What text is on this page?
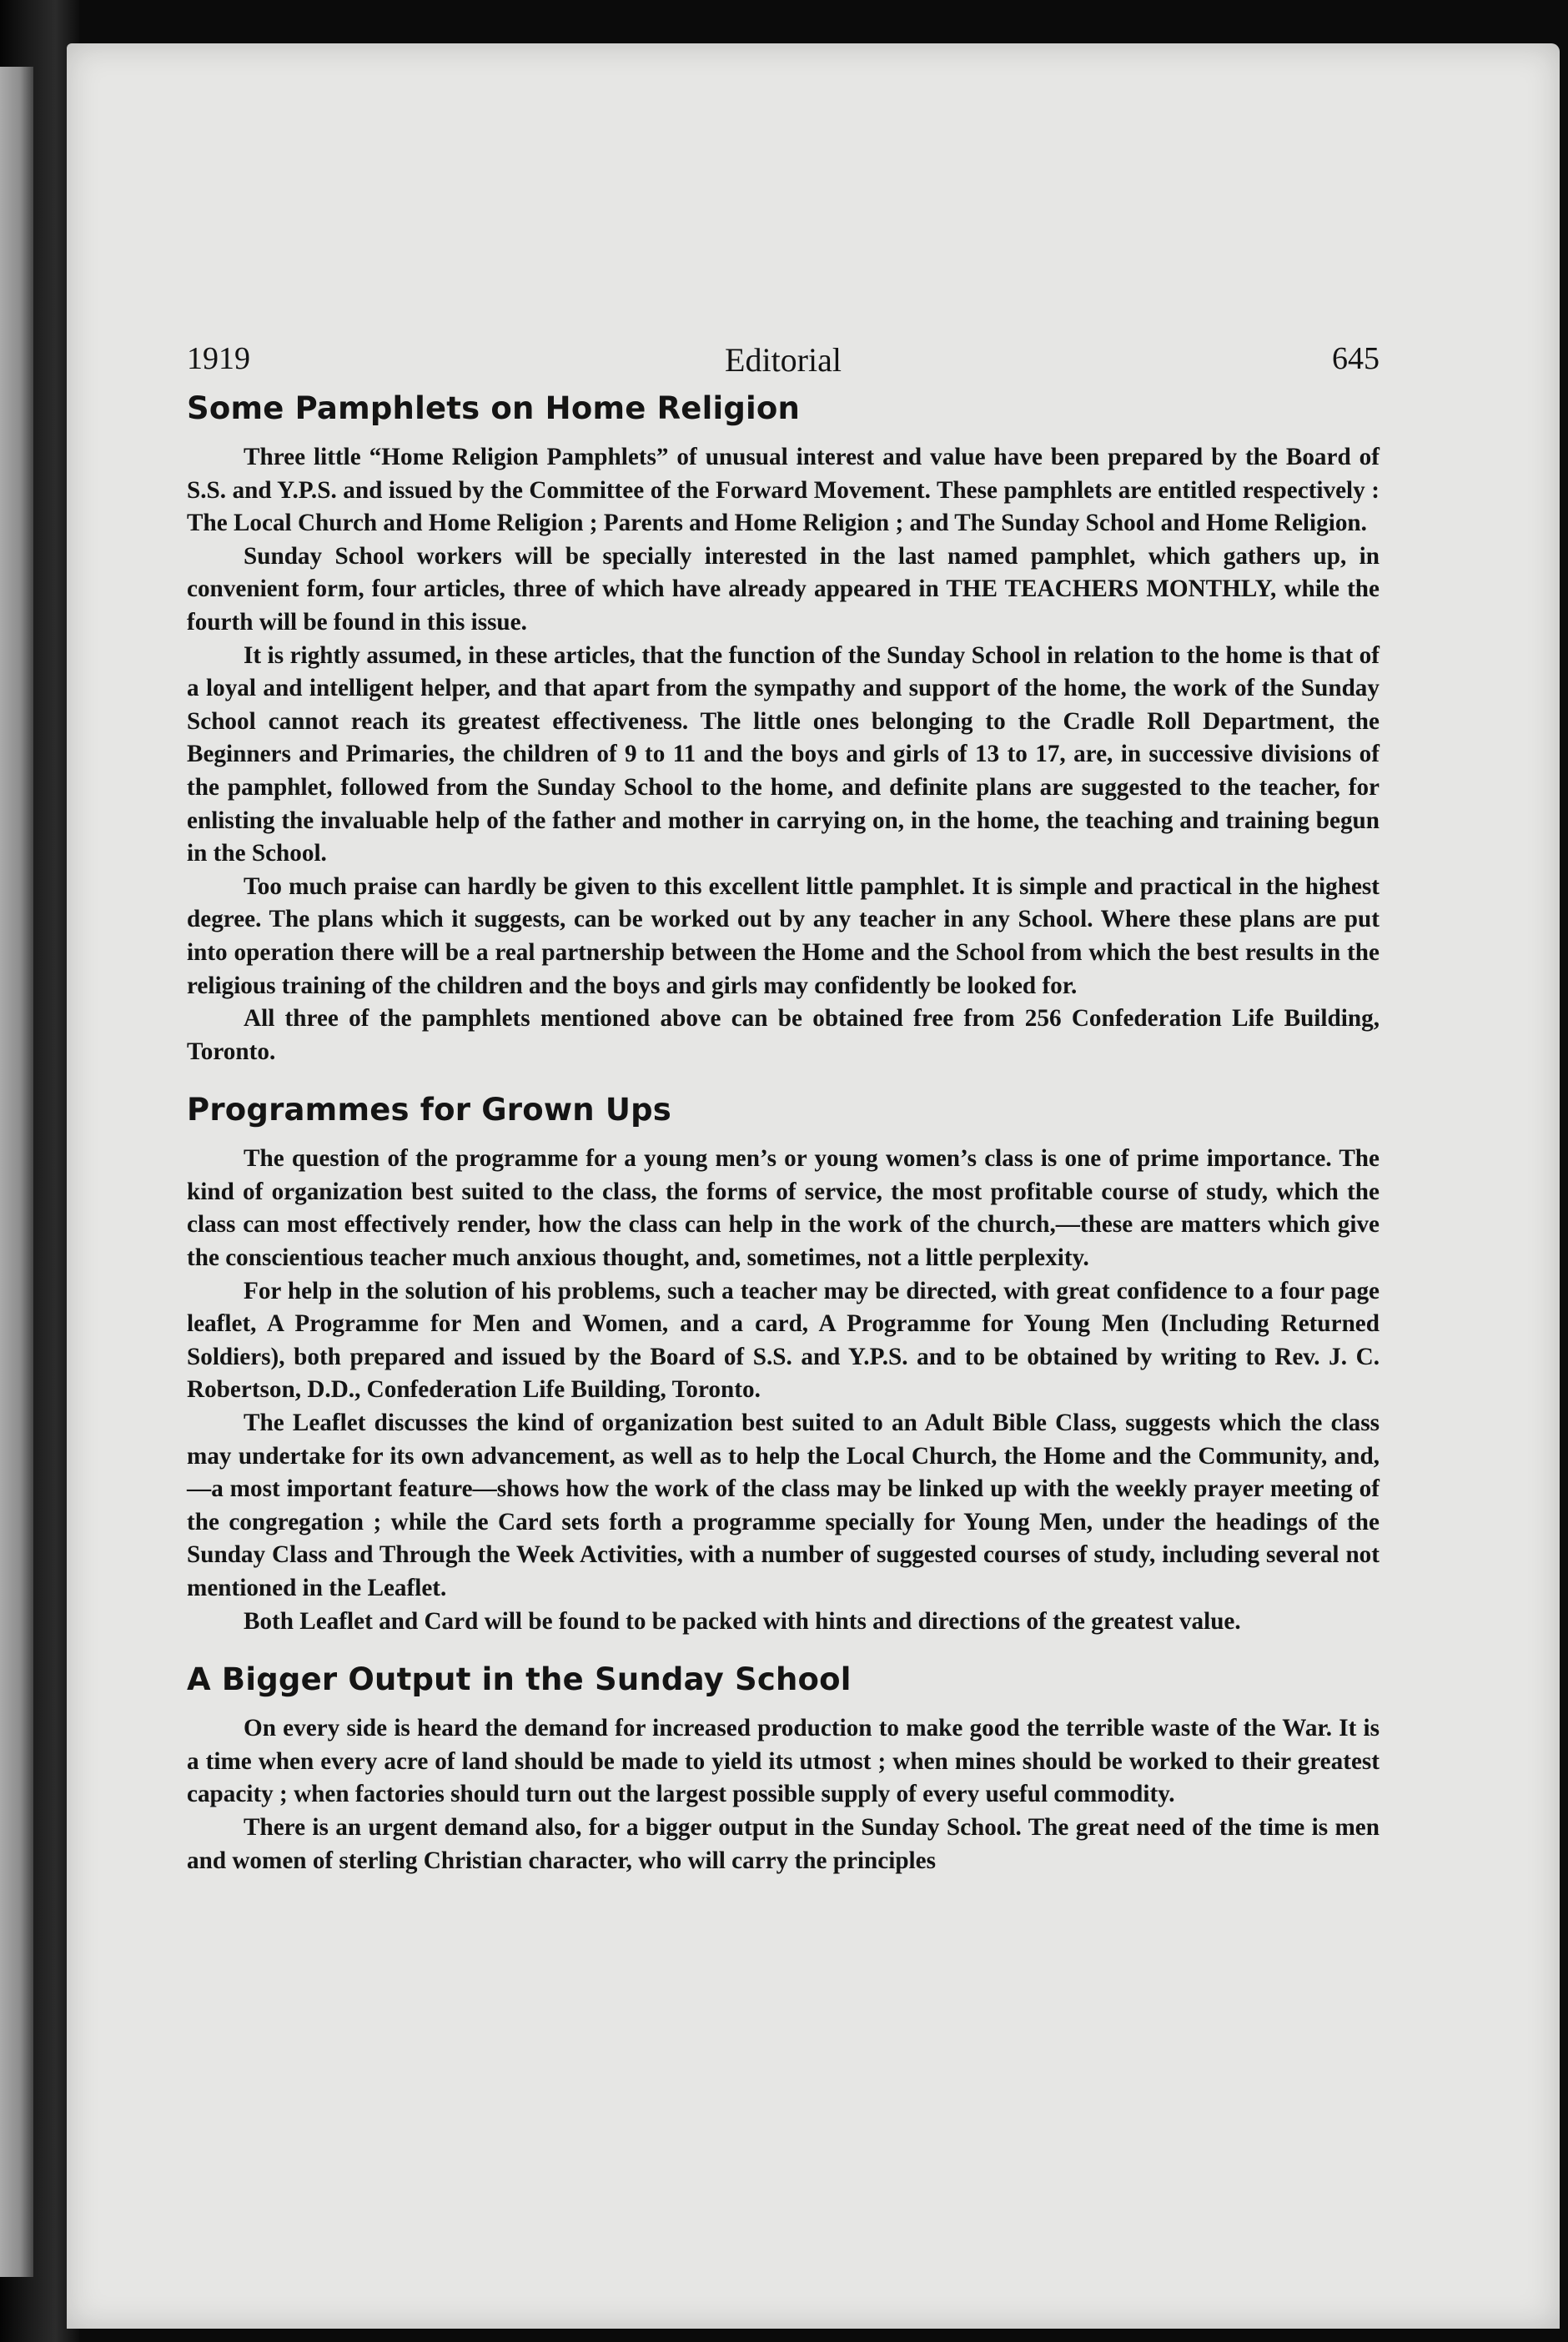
1919	Editorial	645
Some Pamphlets on Home Religion

Three little “Home Religion Pamphlets” of unusual interest and value have been prepared by the Board of S.S. and Y.P.S. and issued by the Committee of the Forward Movement. These pamphlets are entitled respectively : The Local Church and Home Religion ; Parents and Home Religion ; and The Sunday School and Home Religion.

Sunday School workers will be specially interested in the last named pamphlet, which gathers up, in convenient form, four articles, three of which have already appeared in THE TEACHERS MONTHLY, while the fourth will be found in this issue.

It is rightly assumed, in these articles, that the function of the Sunday School in relation to the home is that of a loyal and intelligent helper, and that apart from the sympathy and support of the home, the work of the Sunday School cannot reach its greatest effectiveness. The little ones belonging to the Cradle Roll Department, the Beginners and Primaries, the children of 9 to 11 and the boys and girls of 13 to 17, are, in successive divisions of the pamphlet, followed from the Sunday School to the home, and definite plans are suggested to the teacher, for enlisting the invaluable help of the father and mother in carrying on, in the home, the teaching and training begun in the School.

Too much praise can hardly be given to this excellent little pamphlet. It is simple and practical in the highest degree. The plans which it suggests, can be worked out by any teacher in any School. Where these plans are put into operation there will be a real partnership between the Home and the School from which the best results in the religious training of the children and the boys and girls may confidently be looked for.

All three of the pamphlets mentioned above can be obtained free from 256 Confederation Life Building, Toronto.

Programmes for Grown Ups

The question of the programme for a young men’s or young women’s class is one of prime importance. The kind of organization best suited to the class, the forms of service, the most profitable course of study, which the class can most effectively render, how the class can help in the work of the church,—these are matters which give the conscientious teacher much anxious thought, and, sometimes, not a little perplexity.

For help in the solution of his problems, such a teacher may be directed, with great confidence to a four page leaflet, A Programme for Men and Women, and a card, A Programme for Young Men (Including Returned Soldiers), both prepared and issued by the Board of S.S. and Y.P.S. and to be obtained by writing to Rev. J. C. Robertson, D.D., Confederation Life Building, Toronto.

The Leaflet discusses the kind of organization best suited to an Adult Bible Class, suggests which the class may undertake for its own advancement, as well as to help the Local Church, the Home and the Community, and,—a most important feature—shows how the work of the class may be linked up with the weekly prayer meeting of the congregation ; while the Card sets forth a programme specially for Young Men, under the headings of the Sunday Class and Through the Week Activities, with a number of suggested courses of study, including several not mentioned in the Leaflet.

Both Leaflet and Card will be found to be packed with hints and directions of the greatest value.

A Bigger Output in the Sunday School

On every side is heard the demand for increased production to make good the terrible waste of the War. It is a time when every acre of land should be made to yield its utmost ; when mines should be worked to their greatest capacity ; when factories should turn out the largest possible supply of every useful commodity.

There is an urgent demand also, for a bigger output in the Sunday School. The great need of the time is men and women of sterling Christian character, who will carry the principles
